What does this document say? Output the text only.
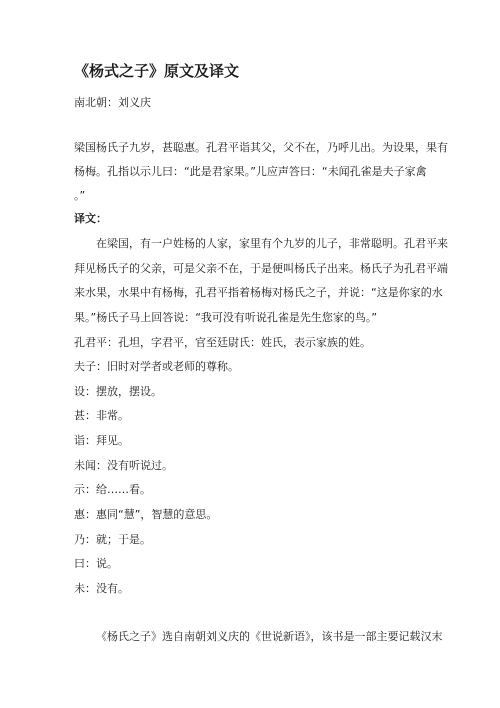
《杨式之子》原文及译文
南北朝：刘义庆
梁国杨氏子九岁，甚聪惠。孔君平诣其父，父不在，乃呼儿出。为设果，果有
杨梅。孔指以示儿曰：“此是君家果。”儿应声答曰：“未闻孔雀是夫子家禽
。”
译文：
在梁国，有一户姓杨的人家，家里有个九岁的儿子，非常聪明。孔君平来
拜见杨氏子的父亲，可是父亲不在，于是便叫杨氏子出来。杨氏子为孔君平端
来水果，水果中有杨梅，孔君平指着杨梅对杨氏之子，并说：“这是你家的水
果。”杨氏子马上回答说：“我可没有听说孔雀是先生您家的鸟。”
孔君平：孔坦，字君平，官至廷尉氏：姓氏，表示家族的姓。
夫子：旧时对学者或老师的尊称。
设：摆放，摆设。
甚：非常。
诣：拜见。
未闻：没有听说过。
示：给……看。
惠：惠同“慧”，智慧的意思。
乃：就；于是。
曰：说。
未：没有。
《杨氏之子》选自南朝刘义庆的《世说新语》，该书是一部主要记载汉末
